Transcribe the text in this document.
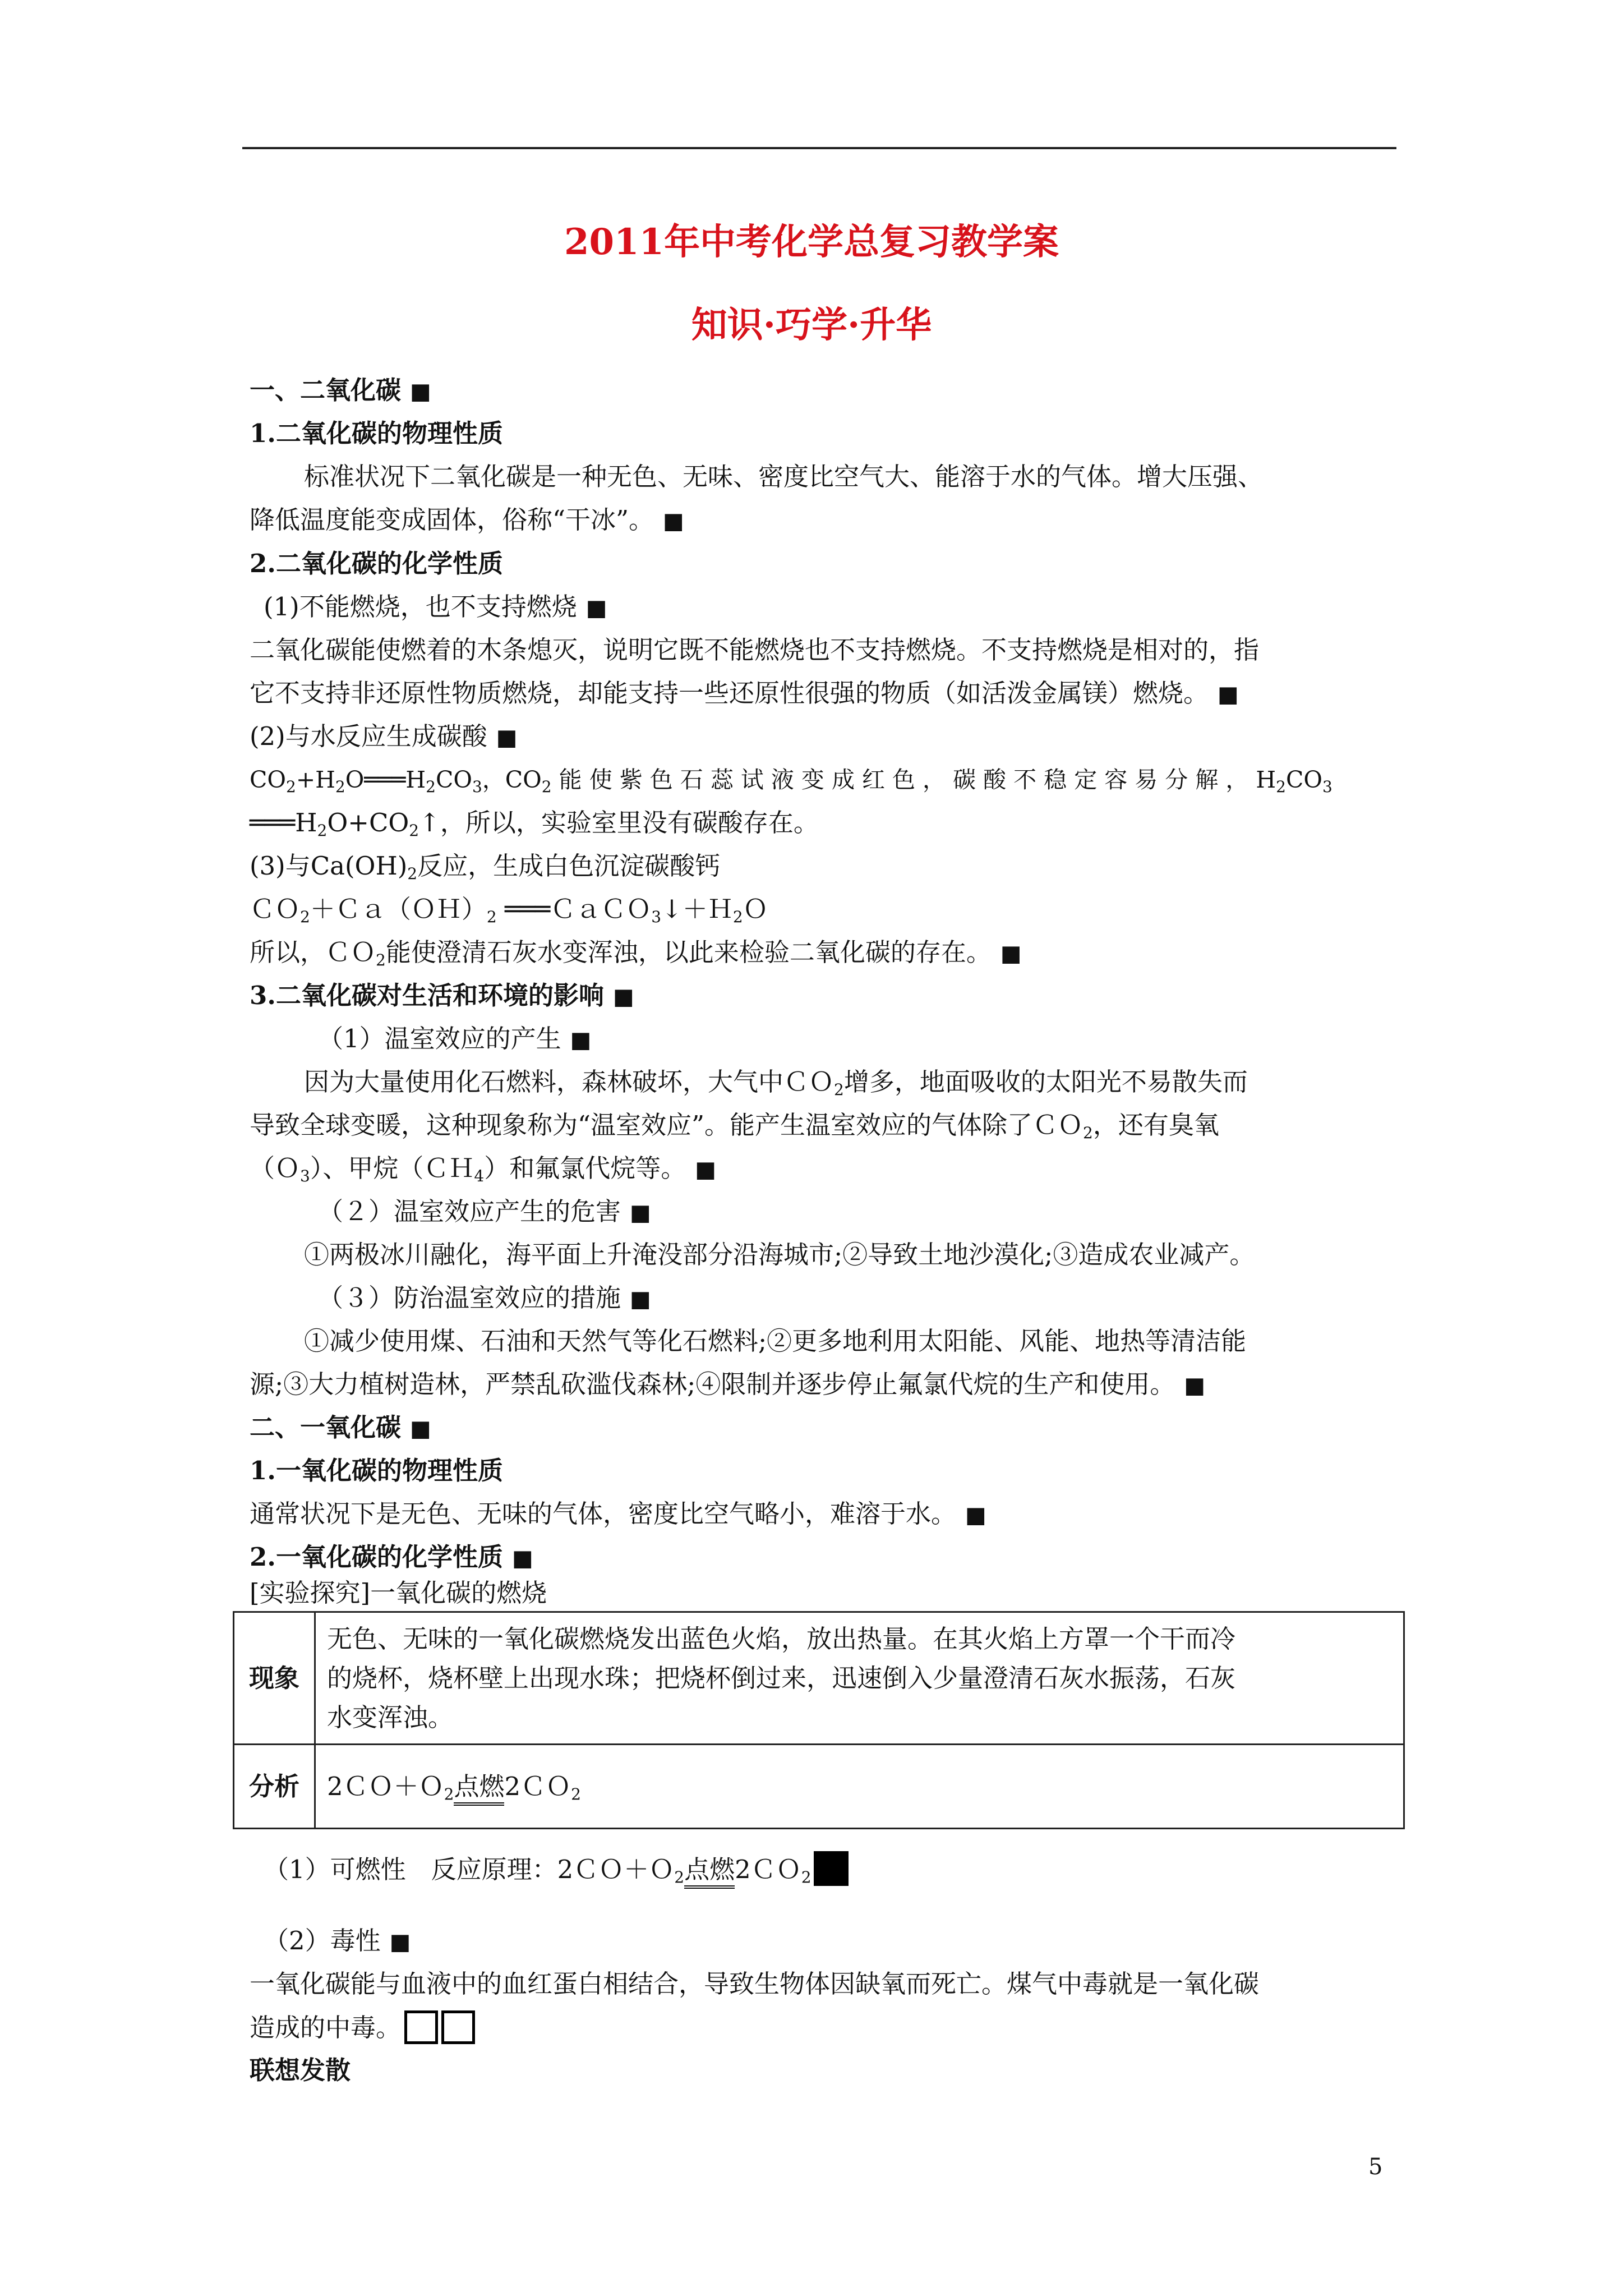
2011年中考化学总复习教学案
知识·巧学·升华
一、二氧化碳 ■
1.二氧化碳的物理性质
标准状况下二氧化碳是一种无色、无味、密度比空气大、能溶于水的气体。增大压强、
降低温度能变成固体，俗称“干冰”。 ■
2.二氧化碳的化学性质
(1)不能燃烧，也不支持燃烧 ■
二氧化碳能使燃着的木条熄灭，说明它既不能燃烧也不支持燃烧。不支持燃烧是相对的，指
它不支持非还原性物质燃烧，却能支持一些还原性很强的物质（如活泼金属镁）燃烧。 ■
(2)与水反应生成碳酸 ■
$CO_2+H_2O═══H_2CO_3$，$CO_2$ 能 使 紫 色 石 蕊 试 液 变 成 红 色 ， 碳 酸 不 稳 定 容 易 分 解 ， $H_2CO_3$
$═══H_2O+CO_2↑$，所以，实验室里没有碳酸存在。
(3)与$Ca(OH)_2$反应，生成白色沉淀碳酸钙
$CO_2+Ca(OH)_2$ ═══ＣａＣＯ$_3$↓＋Ｈ$_2$Ｏ
所以，ＣＯ$_2$能使澄清石灰水变浑浊，以此来检验二氧化碳的存在。 ■
3.二氧化碳对生活和环境的影响 ■
（1）温室效应的产生 ■
因为大量使用化石燃料，森林破坏，大气中ＣＯ$_2$增多，地面吸收的太阳光不易散失而
导致全球变暖，这种现象称为“温室效应”。能产生温室效应的气体除了ＣＯ$_2$，还有臭氧
（Ｏ$_3$）、甲烷（ＣＨ$_4$）和氟氯代烷等。 ■
（２）温室效应产生的危害 ■
①两极冰川融化，海平面上升淹没部分沿海城市;②导致土地沙漠化;③造成农业减产。
（３）防治温室效应的措施 ■
①减少使用煤、石油和天然气等化石燃料;②更多地利用太阳能、风能、地热等清洁能
源;③大力植树造林，严禁乱砍滥伐森林;④限制并逐步停止氟氯代烷的生产和使用。 ■
二、一氧化碳 ■
1.一氧化碳的物理性质
通常状况下是无色、无味的气体，密度比空气略小，难溶于水。 ■
2.一氧化碳的化学性质 ■
[实验探究]一氧化碳的燃烧
现象	无色、无味的一氧化碳燃烧发出蓝色火焰，放出热量。在其火焰上方罩一个干而冷
的烧杯，烧杯壁上出现水珠；把烧杯倒过来，迅速倒入少量澄清石灰水振荡，石灰
水变浑浊。

分析	2ＣＯ＋Ｏ$_2$点燃2ＣＯ$_2$
（1）可燃性　反应原理：2ＣＯ＋Ｏ$_2$点燃2ＣＯ$_2$
（2）毒性 ■
一氧化碳能与血液中的血红蛋白相结合，导致生物体因缺氧而死亡。煤气中毒就是一氧化碳
造成的中毒。
联想发散
5
